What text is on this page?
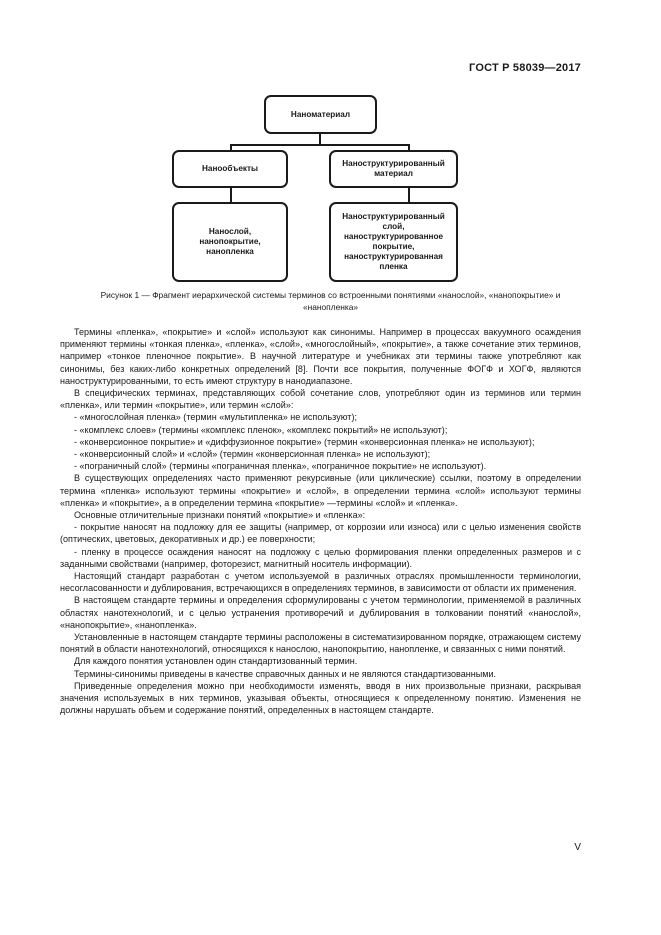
ГОСТ Р 58039—2017
Наноматериал
Нанообъекты
Наноструктурированный материал
Нанослой, нанопокрытие, нанопленка
Наноструктурированный слой, наноструктурированное покрытие, наноструктурированная пленка
Рисунок 1 — Фрагмент иерархической системы терминов со встроенными понятиями «нанослой», «нанопокрытие» и «нанопленка»

Термины «пленка», «покрытие» и «слой» используют как синонимы. Например в процессах вакуумного осаждения применяют термины «тонкая пленка», «пленка», «слой», «многослойный», «покрытие», а также сочетание этих терминов, например «тонкое пленочное покрытие». В научной литературе и учебниках эти термины также употребляют как синонимы, без каких-либо конкретных определений [8]. Почти все покрытия, полученные ФОГФ и ХОГФ, являются наноструктурированными, то есть имеют структуру в нанодиапазоне.

В специфических терминах, представляющих собой сочетание слов, употребляют один из терминов или термин «пленка», или термин «покрытие», или термин «слой»:

- «многослойная пленка» (термин «мультипленка» не используют);

- «комплекс слоев» (термины «комплекс пленок», «комплекс покрытий» не используют);

- «конверсионное покрытие» и «диффузионное покрытие» (термин «конверсионная пленка» не используют);

- «конверсионный слой» и «слой» (термин «конверсионная пленка» не используют);

- «пограничный слой» (термины «пограничная пленка», «пограничное покрытие» не используют).

В существующих определениях часто применяют рекурсивные (или циклические) ссылки, поэтому в определении термина «пленка» используют термины «покрытие» и «слой», в определении термина «слой» используют термины «пленка» и «покрытие», а в определении термина «покрытие» —термины «слой» и «пленка».

Основные отличительные признаки понятий «покрытие» и «пленка»:

- покрытие наносят на подложку для ее защиты (например, от коррозии или износа) или с целью изменения свойств (оптических, цветовых, декоративных и др.) ее поверхности;

- пленку в процессе осаждения наносят на подложку с целью формирования пленки определенных размеров и с заданными свойствами (например, фоторезист, магнитный носитель информации).

Настоящий стандарт разработан с учетом используемой в различных отраслях промышленности терминологии, несогласованности и дублирования, встречающихся в определениях терминов, в зависимости от области их применения.

В настоящем стандарте термины и определения сформулированы с учетом терминологии, применяемой в различных областях нанотехнологий, и с целью устранения противоречий и дублирования в толковании понятий «нанослой», «нанопокрытие», «нанопленка».

Установленные в настоящем стандарте термины расположены в систематизированном порядке, отражающем систему понятий в области нанотехнологий, относящихся к нанослою, нанопокрытию, нанопленке, и связанных с ними понятий.

Для каждого понятия установлен один стандартизованный термин.

Термины-синонимы приведены в качестве справочных данных и не являются стандартизованными.

Приведенные определения можно при необходимости изменять, вводя в них произвольные признаки, раскрывая значения используемых в них терминов, указывая объекты, относящиеся к определенному понятию. Изменения не должны нарушать объем и содержание понятий, определенных в настоящем стандарте.

V
